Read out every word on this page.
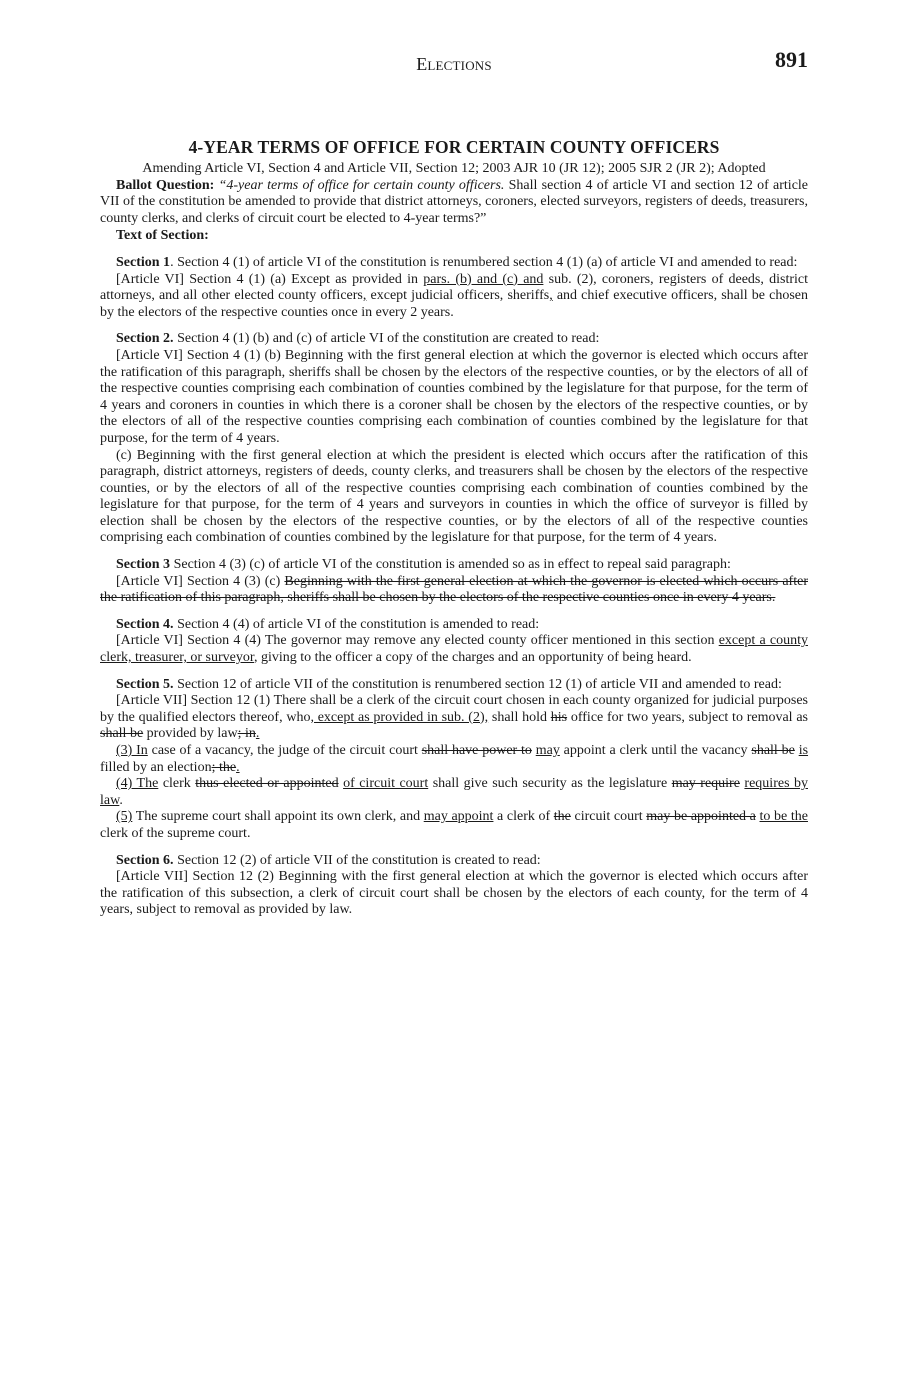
Elections	891
4-YEAR TERMS OF OFFICE FOR CERTAIN COUNTY OFFICERS

Amending Article VI, Section 4 and Article VII, Section 12; 2003 AJR 10 (JR 12); 2005 SJR 2 (JR 2); Adopted

Ballot Question: “4-year terms of office for certain county officers. Shall section 4 of article VI and section 12 of article VII of the constitution be amended to provide that district attorneys, coroners, elected surveyors, registers of deeds, treasurers, county clerks, and clerks of circuit court be elected to 4-year terms?”

Text of Section:

Section 1. Section 4 (1) of article VI of the constitution is renumbered section 4 (1) (a) of article VI and amended to read:

[Article VI] Section 4 (1) (a) Except as provided in pars. (b) and (c) and sub. (2), coroners, registers of deeds, district attorneys, and all other elected county officers, except judicial officers, sheriffs, and chief executive officers, shall be chosen by the electors of the respective counties once in every 2 years.

Section 2. Section 4 (1) (b) and (c) of article VI of the constitution are created to read:

[Article VI] Section 4 (1) (b) Beginning with the first general election at which the governor is elected which occurs after the ratification of this paragraph, sheriffs shall be chosen by the electors of the respective counties, or by the electors of all of the respective counties comprising each combination of counties combined by the legislature for that purpose, for the term of 4 years and coroners in counties in which there is a coroner shall be chosen by the electors of the respective counties, or by the electors of all of the respective counties comprising each combination of counties combined by the legislature for that purpose, for the term of 4 years.

(c) Beginning with the first general election at which the president is elected which occurs after the ratification of this paragraph, district attorneys, registers of deeds, county clerks, and treasurers shall be chosen by the electors of the respective counties, or by the electors of all of the respective counties comprising each combination of counties combined by the legislature for that purpose, for the term of 4 years and surveyors in counties in which the office of surveyor is filled by election shall be chosen by the electors of the respective counties, or by the electors of all of the respective counties comprising each combination of counties combined by the legislature for that purpose, for the term of 4 years.

Section 3 Section 4 (3) (c) of article VI of the constitution is amended so as in effect to repeal said paragraph:

[Article VI] Section 4 (3) (c) Beginning with the first general election at which the governor is elected which occurs after the ratification of this paragraph, sheriffs shall be chosen by the electors of the respective counties once in every 4 years.

Section 4. Section 4 (4) of article VI of the constitution is amended to read:

[Article VI] Section 4 (4) The governor may remove any elected county officer mentioned in this section except a county clerk, treasurer, or surveyor, giving to the officer a copy of the charges and an opportunity of being heard.

Section 5. Section 12 of article VII of the constitution is renumbered section 12 (1) of article VII and amended to read:

[Article VII] Section 12 (1) There shall be a clerk of the circuit court chosen in each county organized for judicial purposes by the qualified electors thereof, who, except as provided in sub. (2), shall hold his office for two years, subject to removal as shall be provided by law; in.

(3) In case of a vacancy, the judge of the circuit court shall have power to may appoint a clerk until the vacancy shall be is filled by an election; the.

(4) The clerk thus elected or appointed of circuit court shall give such security as the legislature may require requires by law.

(5) The supreme court shall appoint its own clerk, and may appoint a clerk of the circuit court may be appointed a to be the clerk of the supreme court.

Section 6. Section 12 (2) of article VII of the constitution is created to read:

[Article VII] Section 12 (2) Beginning with the first general election at which the governor is elected which occurs after the ratification of this subsection, a clerk of circuit court shall be chosen by the electors of each county, for the term of 4 years, subject to removal as provided by law.
